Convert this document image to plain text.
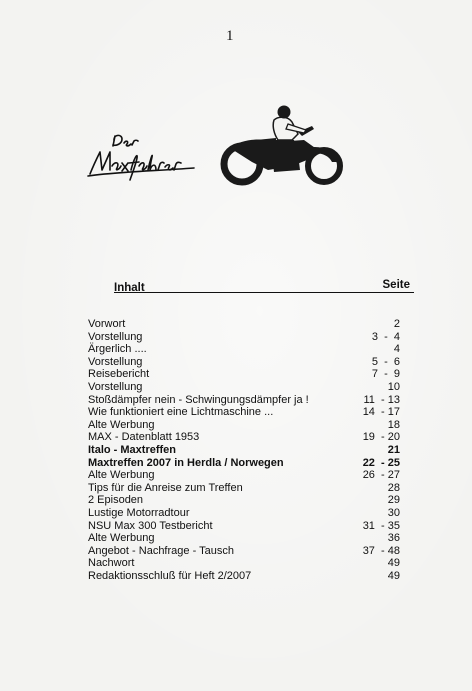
1
Inhalt	Seite
Vorwort	2
Vorstellung	3  -  4
Ärgerlich ....	4
Vorstellung	5  -  6
Reisebericht	7  -  9
Vorstellung	10
Stoßdämpfer nein - Schwingungsdämpfer ja !	11  - 13
Wie funktioniert eine Lichtmaschine ...	14  - 17
Alte Werbung	18
MAX - Datenblatt 1953	19  - 20
Italo - Maxtreffen	21
Maxtreffen 2007 in Herdla / Norwegen	22  - 25
Alte Werbung	26  - 27
Tips für die Anreise zum Treffen	28
2 Episoden	29
Lustige Motorradtour	30
NSU Max 300 Testbericht	31  - 35
Alte Werbung	36
Angebot - Nachfrage - Tausch	37  - 48
Nachwort	49
Redaktionsschluß für Heft 2/2007	49
